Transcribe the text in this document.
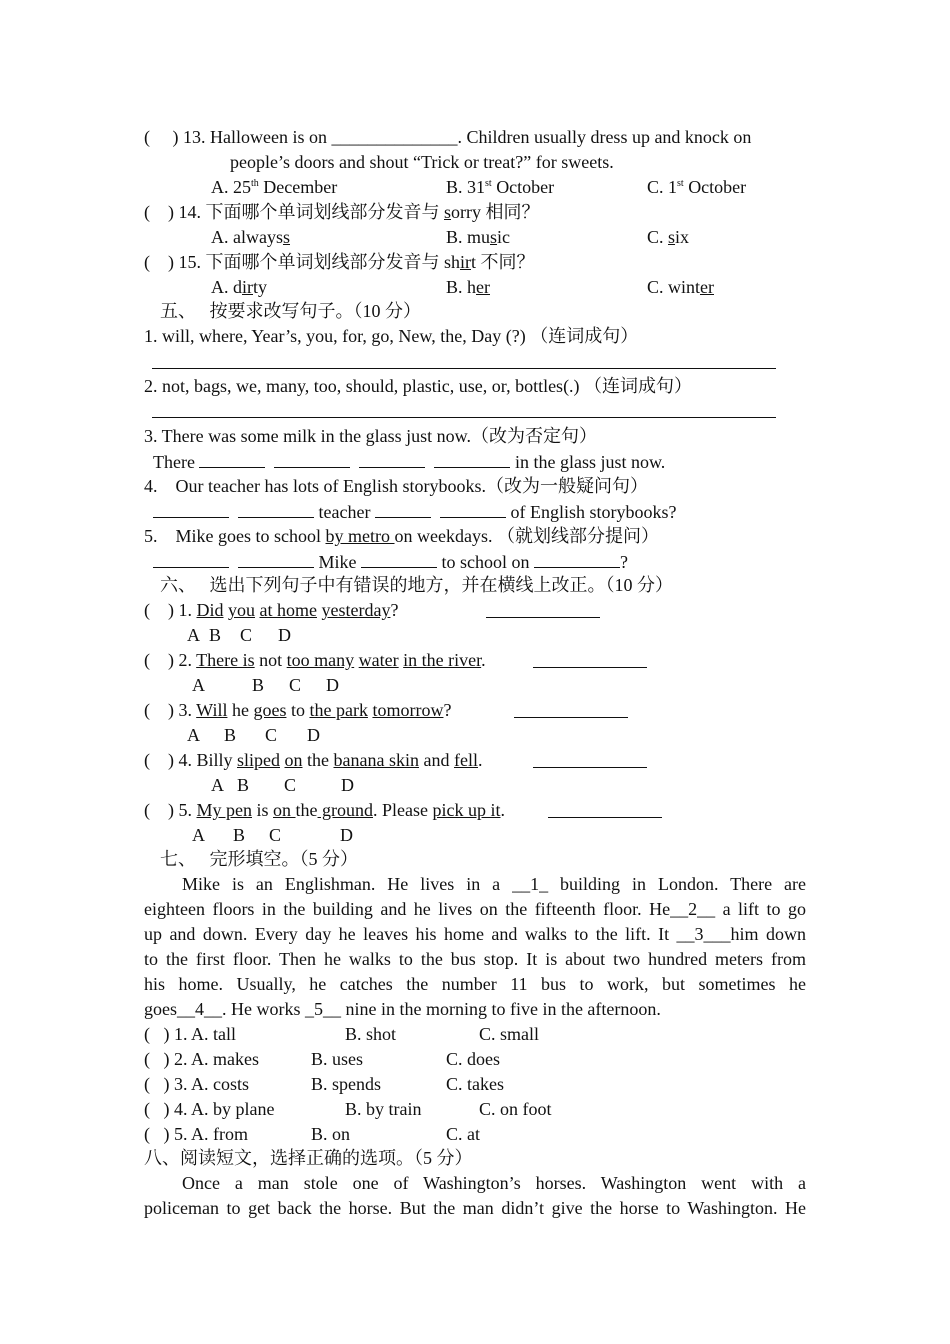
(     ) 13. Halloween is on ______________. Children usually dress up and knock on
people’s doors and shout “Trick or treat?” for sweets.
A. 25th December	B. 31st October	C. 1st October
(    ) 14. 下面哪个单词划线部分发音与 sorry 相同？
A. alwayss	B. music	C. six
(    ) 15. 下面哪个单词划线部分发音与 shirt 不同？
A. dirty	B. her	C. winter
五、   按要求改写句子。（10 分）
1. will, where, Year’s, you, for, go, New, the, Day (?) （连词成句）
2. not, bags, we, many, too, should, plastic, use, or, bottles(.) （连词成句）
3. There was some milk in the glass just now.（改为否定句）
There	in the glass just now.
4.    Our teacher has lots of English storybooks.（改为一般疑问句）
teacher	of English storybooks?
5.    Mike goes to school by metro on weekdays. （就划线部分提问）
Mike	to school on	?
六、   选出下列句子中有错误的地方，并在横线上改正。（10 分）
(    ) 1. Did you at home yesterday?
A B C D
(    ) 2. There is not too many water in the river.
A	B C D
(    ) 3. Will he goes to the park tomorrow?
A B C D
(    ) 4. Billy sliped on the banana skin and fell.
A B C D
(    ) 5. My pen is on the ground. Please pick up it.
A B C	D
七、   完形填空。（5 分）
Mike is an Englishman. He lives in a __1_ building in London. There are
eighteen floors in the building and he lives on the fifteenth floor. He__2__ a lift to go
up and down. Every day he leaves his home and walks to the lift. It __3___him down
to the first floor. Then he walks to the bus stop. It is about two hundred meters from
his home. Usually, he catches the number 11 bus to work, but sometimes he
goes__4__. He works _5__ nine in the morning to five in the afternoon.
(   ) 1. A. tall	B. shot	C. small
(   ) 2. A. makes	B. uses	C. does
(   ) 3. A. costs	B. spends	C. takes
(   ) 4. A. by plane	B. by train	C. on foot
(   ) 5. A. from	B. on	C. at
八、阅读短文，选择正确的选项。（5 分）
Once a man stole one of Washington’s horses. Washington went with a
policeman to get back the horse. But the man didn’t give the horse to Washington. He
